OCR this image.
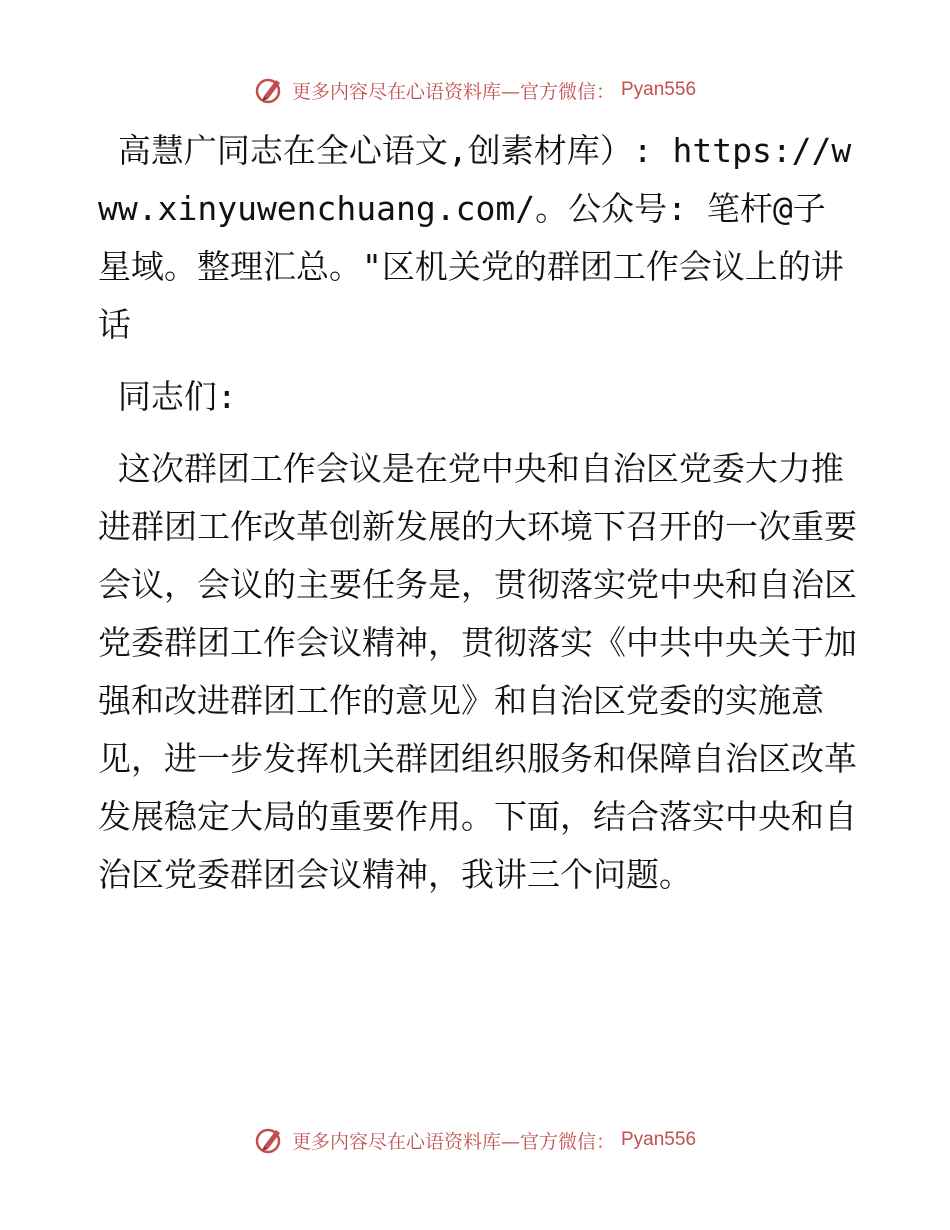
更多内容尽在心语资料库—官方微信： Pyan556

高慧广同志在全心语文,创素材库）: https://www.xinyuwenchuang.com/。公众号: 笔杆@子星域。整理汇总。"区机关党的群团工作会议上的讲话

同志们:

这次群团工作会议是在党中央和自治区党委大力推进群团工作改革创新发展的大环境下召开的一次重要会议，会议的主要任务是，贯彻落实党中央和自治区党委群团工作会议精神，贯彻落实《中共中央关于加强和改进群团工作的意见》和自治区党委的实施意见，进一步发挥机关群团组织服务和保障自治区改革发展稳定大局的重要作用。下面，结合落实中央和自治区党委群团会议精神，我讲三个问题。

更多内容尽在心语资料库—官方微信： Pyan556
